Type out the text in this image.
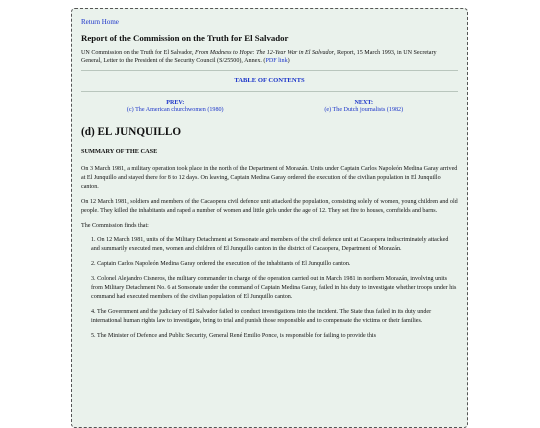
Return Home
Report of the Commission on the Truth for El Salvador
UN Commission on the Truth for El Salvador, From Madness to Hope: The 12-Year War in El Salvador, Report, 15 March 1993, in UN Secretary General, Letter to the President of the Security Council (S/25500), Annex. (PDF link)
TABLE OF CONTENTS
PREV:
(c) The American churchwomen (1980)
NEXT:
(e) The Dutch journalists (1982)
(d) EL JUNQUILLO
SUMMARY OF THE CASE

On 3 March 1981, a military operation took place in the north of the Department of Morazán. Units under Captain Carlos Napoleón Medina Garay arrived at El Junquillo and stayed there for 8 to 12 days. On leaving, Captain Medina Garay ordered the execution of the civilian population in El Junquillo canton.

On 12 March 1981, soldiers and members of the Cacaopera civil defence unit attacked the population, consisting solely of women, young children and old people. They killed the inhabitants and raped a number of women and little girls under the age of 12. They set fire to houses, cornfields and barns.

The Commission finds that:

1. On 12 March 1981, units of the Military Detachment at Sonsonate and members of the civil defence unit at Cacaopera indiscriminately attacked and summarily executed men, women and children of El Junquillo canton in the district of Cacaopera, Department of Morazán.
2. Captain Carlos Napoleón Medina Garay ordered the execution of the inhabitants of El Junquillo canton.
3. Colonel Alejandro Cisneros, the military commander in charge of the operation carried out in March 1981 in northern Morazán, involving units from Military Detachment No. 6 at Sonsonate under the command of Captain Medina Garay, failed in his duty to investigate whether troops under his command had executed members of the civilian population of El Junquillo canton.
4. The Government and the judiciary of El Salvador failed to conduct investigations into the incident. The State thus failed in its duty under international human rights law to investigate, bring to trial and punish those responsible and to compensate the victims or their families.
5. The Minister of Defence and Public Security, General René Emilio Ponce, is responsible for failing to provide this
